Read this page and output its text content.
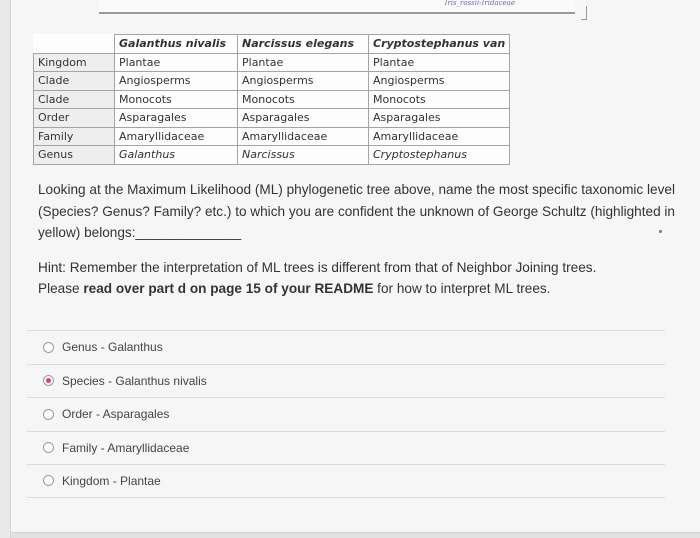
Iris_rossii-Iridaceae
	Galanthus nivalis	Narcissus elegans	Cryptostephanus van
Kingdom	Plantae	Plantae	Plantae
Clade	Angiosperms	Angiosperms	Angiosperms
Clade	Monocots	Monocots	Monocots
Order	Asparagales	Asparagales	Asparagales
Family	Amaryllidaceae	Amaryllidaceae	Amaryllidaceae
Genus	Galanthus	Narcissus	Cryptostephanus
Looking at the Maximum Likelihood (ML) phylogenetic tree above, name the most specific taxonomic level (Species? Genus? Family? etc.) to which you are confident the unknown of George Schultz (highlighted in yellow) belongs:______________
Hint: Remember the interpretation of ML trees is different from that of Neighbor Joining trees.
Please read over part d on page 15 of your README for how to interpret ML trees.
Genus - Galanthus
Species - Galanthus nivalis
Order - Asparagales
Family - Amaryllidaceae
Kingdom - Plantae
